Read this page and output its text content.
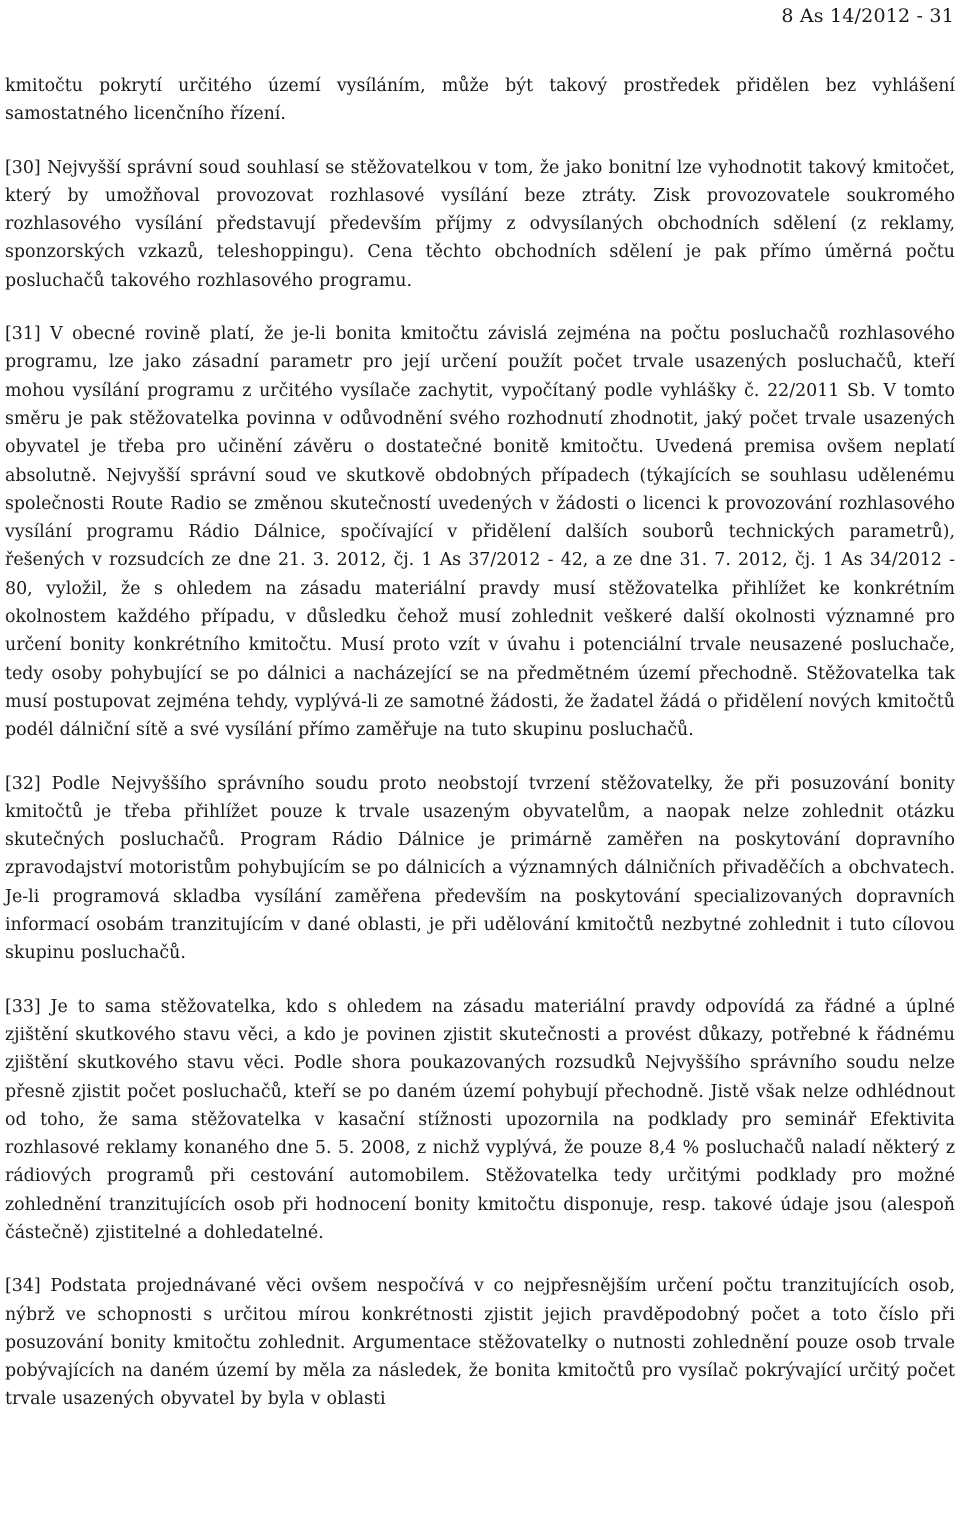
8 As 14/2012 - 31

kmitočtu pokrytí určitého území vysíláním, může být takový prostředek přidělen bez vyhlášení samostatného licenčního řízení.

[30] Nejvyšší správní soud souhlasí se stěžovatelkou v tom, že jako bonitní lze vyhodnotit takový kmitočet, který by umožňoval provozovat rozhlasové vysílání beze ztráty. Zisk provozovatele soukromého rozhlasového vysílání představují především příjmy z odvysílaných obchodních sdělení (z reklamy, sponzorských vzkazů, teleshoppingu). Cena těchto obchodních sdělení je pak přímo úměrná počtu posluchačů takového rozhlasového programu.

[31] V obecné rovině platí, že je-li bonita kmitočtu závislá zejména na počtu posluchačů rozhlasového programu, lze jako zásadní parametr pro její určení použít počet trvale usazených posluchačů, kteří mohou vysílání programu z určitého vysílače zachytit, vypočítaný podle vyhlášky č. 22/2011 Sb. V tomto směru je pak stěžovatelka povinna v odůvodnění svého rozhodnutí zhodnotit, jaký počet trvale usazených obyvatel je třeba pro učinění závěru o dostatečné bonitě kmitočtu. Uvedená premisa ovšem neplatí absolutně. Nejvyšší správní soud ve skutkově obdobných případech (týkajících se souhlasu udělenému společnosti Route Radio se změnou skutečností uvedených v žádosti o licenci k provozování rozhlasového vysílání programu Rádio Dálnice, spočívající v přidělení dalších souborů technických parametrů), řešených v rozsudcích ze dne 21. 3. 2012, čj. 1 As 37/2012 - 42, a ze dne 31. 7. 2012, čj. 1 As 34/2012 - 80, vyložil, že s ohledem na zásadu materiální pravdy musí stěžovatelka přihlížet ke konkrétním okolnostem každého případu, v důsledku čehož musí zohlednit veškeré další okolnosti významné pro určení bonity konkrétního kmitočtu. Musí proto vzít v úvahu i potenciální trvale neusazené posluchače, tedy osoby pohybující se po dálnici a nacházející se na předmětném území přechodně. Stěžovatelka tak musí postupovat zejména tehdy, vyplývá-li ze samotné žádosti, že žadatel žádá o přidělení nových kmitočtů podél dálniční sítě a své vysílání přímo zaměřuje na tuto skupinu posluchačů.

[32] Podle Nejvyššího správního soudu proto neobstojí tvrzení stěžovatelky, že při posuzování bonity kmitočtů je třeba přihlížet pouze k trvale usazeným obyvatelům, a naopak nelze zohlednit otázku skutečných posluchačů. Program Rádio Dálnice je primárně zaměřen na poskytování dopravního zpravodajství motoristům pohybujícím se po dálnicích a významných dálničních přivaděčích a obchvatech. Je-li programová skladba vysílání zaměřena především na poskytování specializovaných dopravních informací osobám tranzitujícím v dané oblasti, je při udělování kmitočtů nezbytné zohlednit i tuto cílovou skupinu posluchačů.

[33] Je to sama stěžovatelka, kdo s ohledem na zásadu materiální pravdy odpovídá za řádné a úplné zjištění skutkového stavu věci, a kdo je povinen zjistit skutečnosti a provést důkazy, potřebné k řádnému zjištění skutkového stavu věci. Podle shora poukazovaných rozsudků Nejvyššího správního soudu nelze přesně zjistit počet posluchačů, kteří se po daném území pohybují přechodně. Jistě však nelze odhlédnout od toho, že sama stěžovatelka v kasační stížnosti upozornila na podklady pro seminář Efektivita rozhlasové reklamy konaného dne 5. 5. 2008, z nichž vyplývá, že pouze 8,4 % posluchačů naladí některý z rádiových programů při cestování automobilem. Stěžovatelka tedy určitými podklady pro možné zohlednění tranzitujících osob při hodnocení bonity kmitočtu disponuje, resp. takové údaje jsou (alespoň částečně) zjistitelné a dohledatelné.

[34] Podstata projednávané věci ovšem nespočívá v co nejpřesnějším určení počtu tranzitujících osob, nýbrž ve schopnosti s určitou mírou konkrétnosti zjistit jejich pravděpodobný počet a toto číslo při posuzování bonity kmitočtu zohlednit. Argumentace stěžovatelky o nutnosti zohlednění pouze osob trvale pobývajících na daném území by měla za následek, že bonita kmitočtů pro vysílač pokrývající určitý počet trvale usazených obyvatel by byla v oblasti
